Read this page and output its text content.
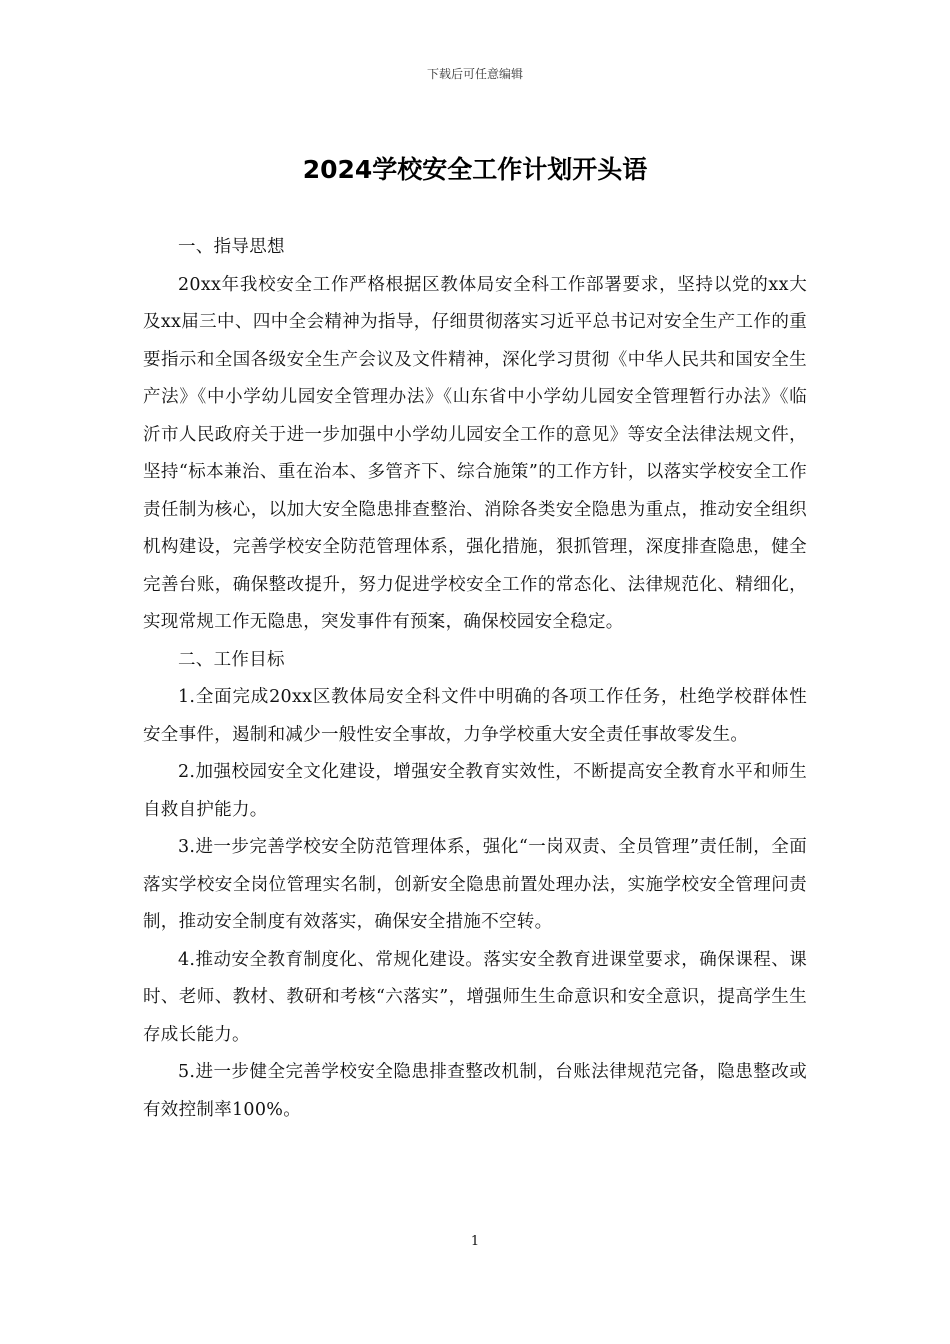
下载后可任意编辑
2024学校安全工作计划开头语

一、指导思想

20xx年我校安全工作严格根据区教体局安全科工作部署要求，坚持以党的xx大及xx届三中、四中全会精神为指导，仔细贯彻落实习近平总书记对安全生产工作的重要指示和全国各级安全生产会议及文件精神，深化学习贯彻《中华人民共和国安全生产法》《中小学幼儿园安全管理办法》《山东省中小学幼儿园安全管理暂行办法》《临沂市人民政府关于进一步加强中小学幼儿园安全工作的意见》等安全法律法规文件，坚持“标本兼治、重在治本、多管齐下、综合施策”的工作方针，以落实学校安全工作责任制为核心，以加大安全隐患排查整治、消除各类安全隐患为重点，推动安全组织机构建设，完善学校安全防范管理体系，强化措施，狠抓管理，深度排查隐患，健全完善台账，确保整改提升，努力促进学校安全工作的常态化、法律规范化、精细化，实现常规工作无隐患，突发事件有预案，确保校园安全稳定。

二、工作目标

1.全面完成20xx区教体局安全科文件中明确的各项工作任务，杜绝学校群体性安全事件，遏制和减少一般性安全事故，力争学校重大安全责任事故零发生。

2.加强校园安全文化建设，增强安全教育实效性，不断提高安全教育水平和师生自救自护能力。

3.进一步完善学校安全防范管理体系，强化“一岗双责、全员管理”责任制，全面落实学校安全岗位管理实名制，创新安全隐患前置处理办法，实施学校安全管理问责制，推动安全制度有效落实，确保安全措施不空转。

4.推动安全教育制度化、常规化建设。落实安全教育进课堂要求，确保课程、课时、老师、教材、教研和考核“六落实”，增强师生生命意识和安全意识，提高学生生存成长能力。

5.进一步健全完善学校安全隐患排查整改机制，台账法律规范完备，隐患整改或有效控制率100%。

1
